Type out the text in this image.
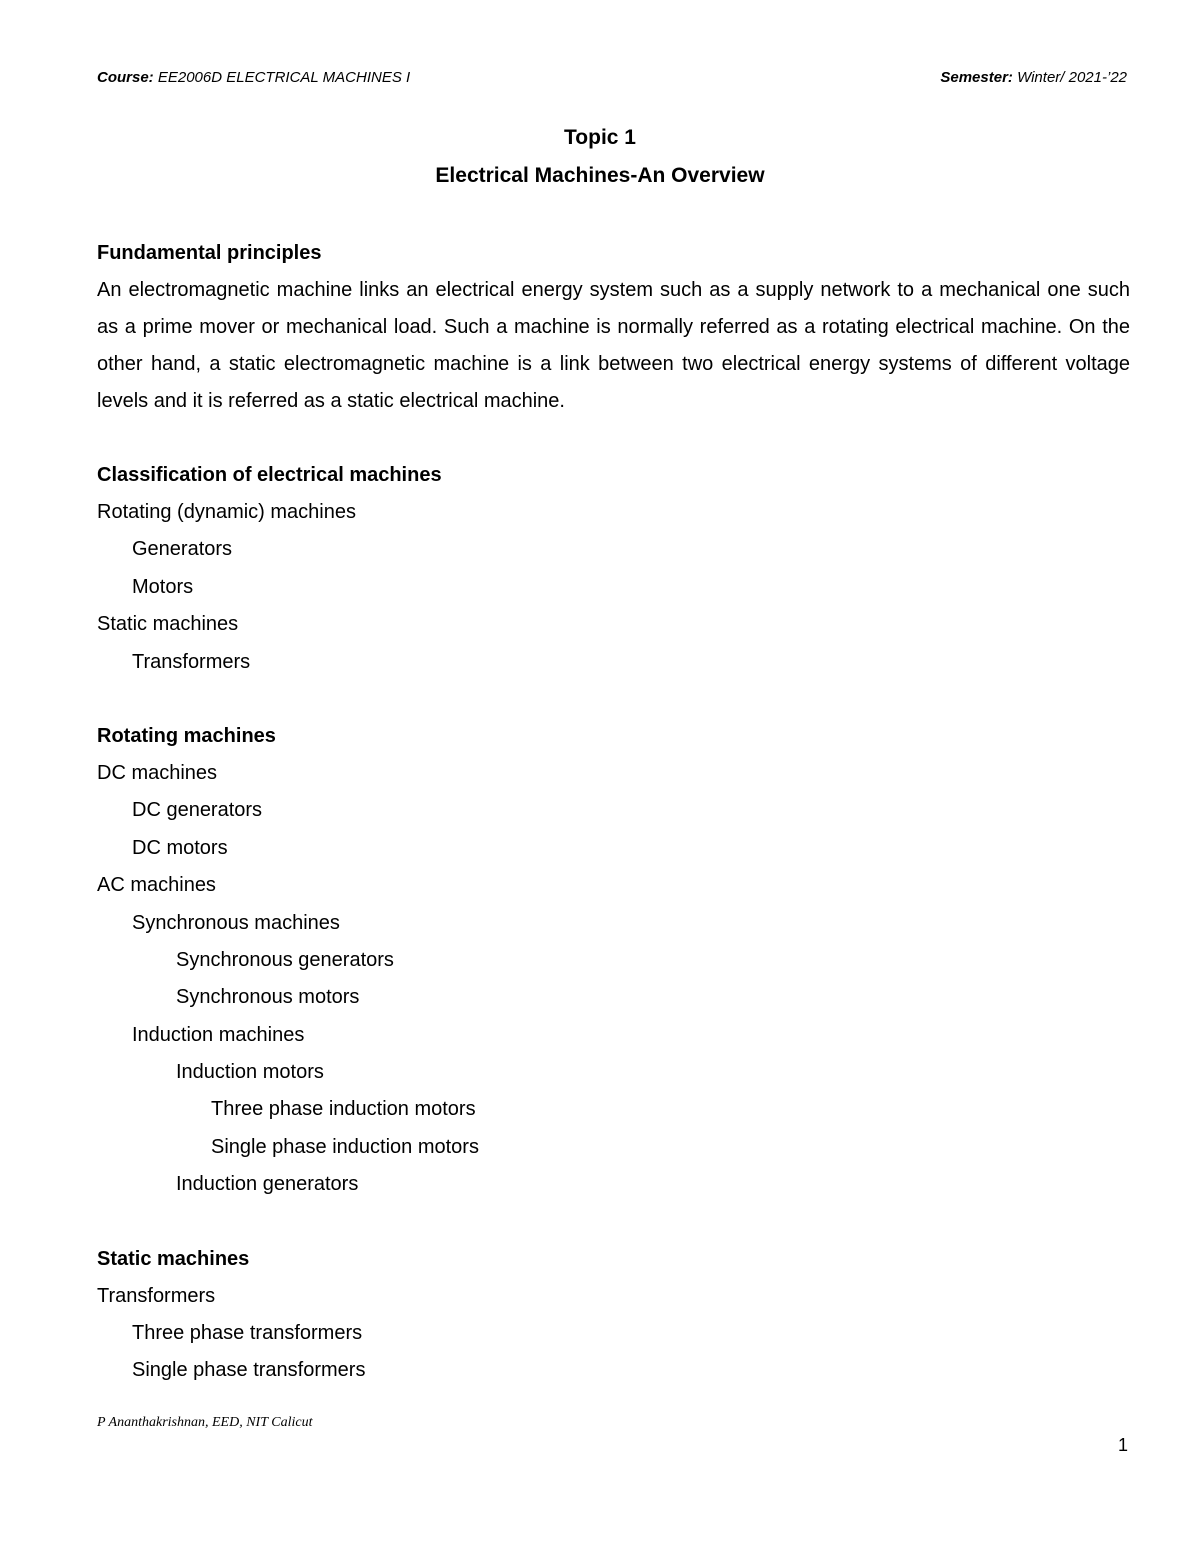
Course: EE2006D ELECTRICAL MACHINES I	Semester: Winter/ 2021-’22
Topic 1
Electrical Machines-An Overview
Fundamental principles

An electromagnetic machine links an electrical energy system such as a supply network to a mechanical one such as a prime mover or mechanical load. Such a machine is normally referred as a rotating electrical machine. On the other hand, a static electromagnetic machine is a link between two electrical energy systems of different voltage levels and it is referred as a static electrical machine.

Classification of electrical machines
Rotating (dynamic) machines
Generators
Motors
Static machines
Transformers
Rotating machines
DC machines
DC generators
DC motors
AC machines
Synchronous machines
Synchronous generators
Synchronous motors
Induction machines
Induction motors
Three phase induction motors
Single phase induction motors
Induction generators
Static machines
Transformers
Three phase transformers
Single phase transformers
P Ananthakrishnan, EED, NIT Calicut
1
